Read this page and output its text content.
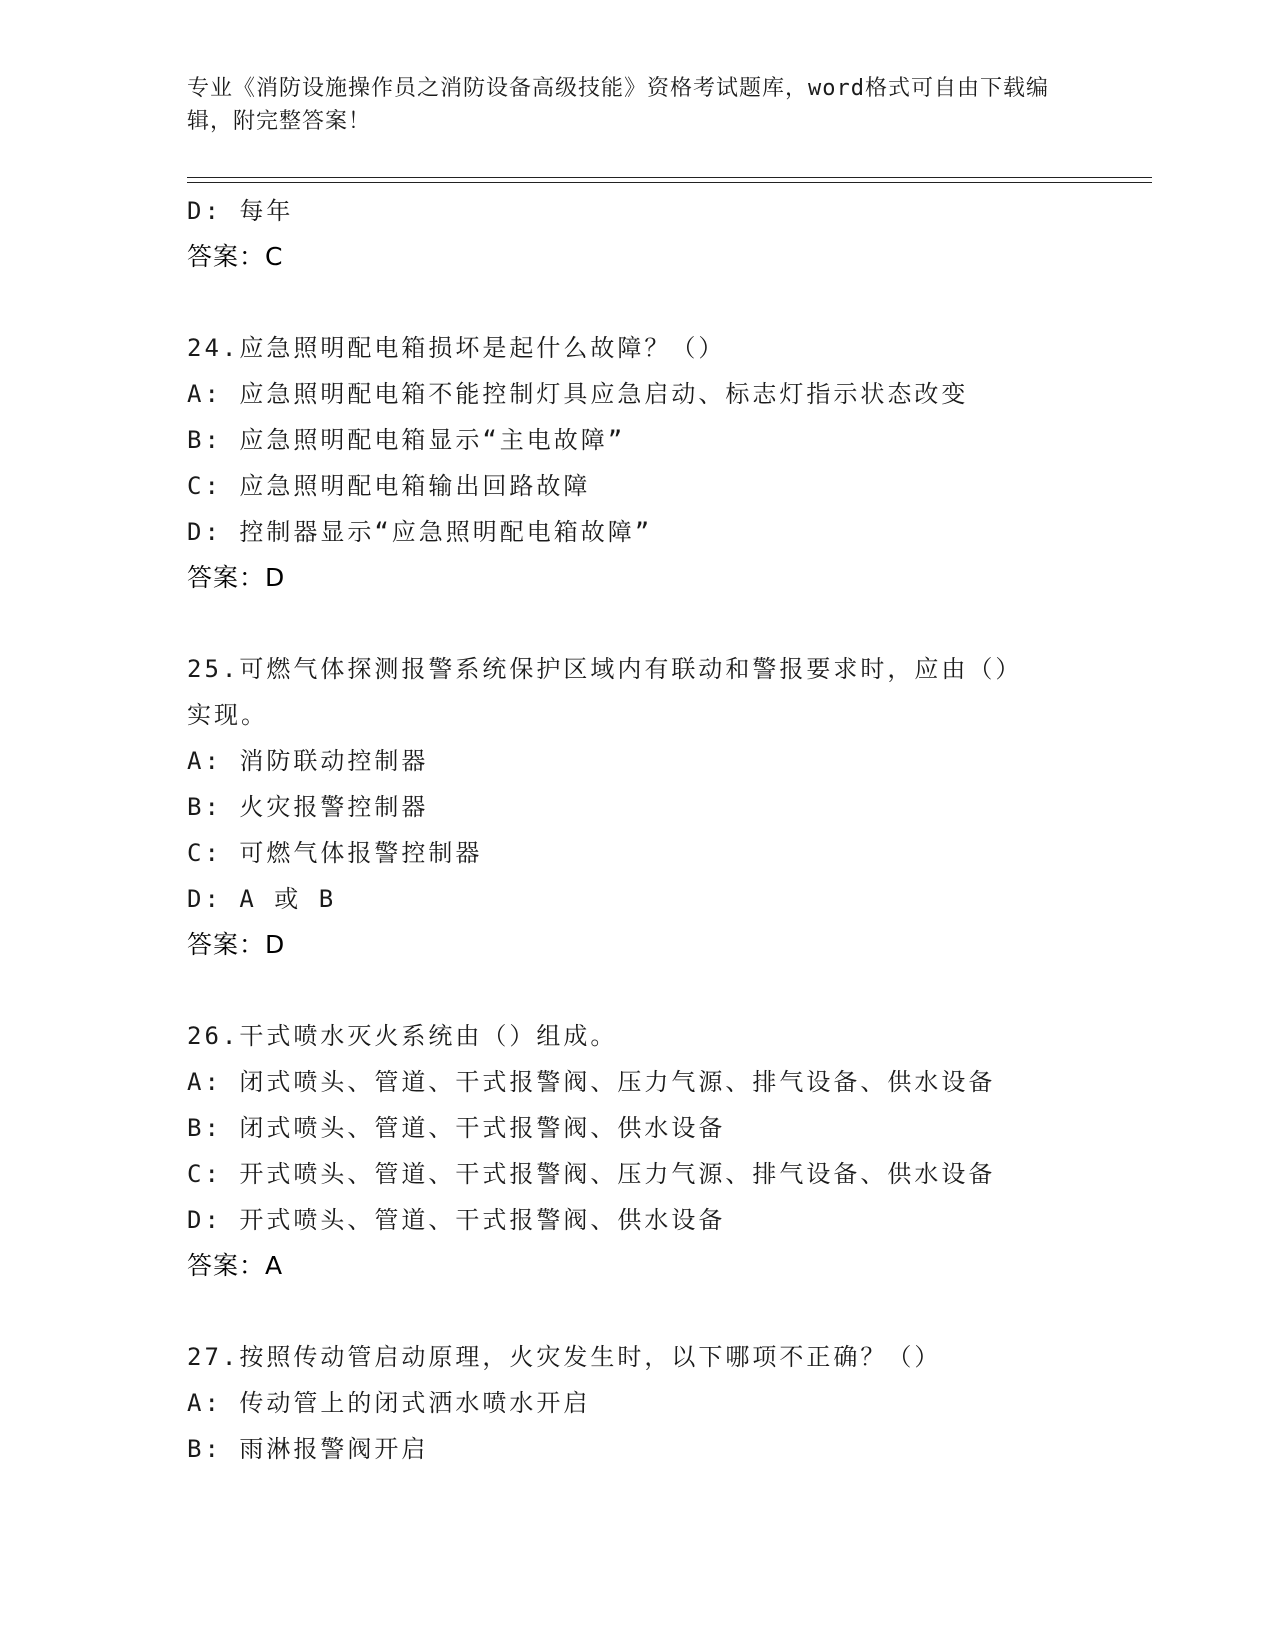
专业《消防设施操作员之消防设备高级技能》资格考试题库，word格式可自由下载编辑，附完整答案！
D: 每年
答案：C
24.应急照明配电箱损坏是起什么故障？（）
A: 应急照明配电箱不能控制灯具应急启动、标志灯指示状态改变
B: 应急照明配电箱显示“主电故障”
C: 应急照明配电箱输出回路故障
D: 控制器显示“应急照明配电箱故障”
答案：D
25.可燃气体探测报警系统保护区域内有联动和警报要求时，应由（）
实现。
A: 消防联动控制器
B: 火灾报警控制器
C: 可燃气体报警控制器
D: A 或 B
答案：D
26.干式喷水灭火系统由（）组成。
A: 闭式喷头、管道、干式报警阀、压力气源、排气设备、供水设备
B: 闭式喷头、管道、干式报警阀、供水设备
C: 开式喷头、管道、干式报警阀、压力气源、排气设备、供水设备
D: 开式喷头、管道、干式报警阀、供水设备
答案：A
27.按照传动管启动原理，火灾发生时，以下哪项不正确？（）
A: 传动管上的闭式洒水喷水开启
B: 雨淋报警阀开启
